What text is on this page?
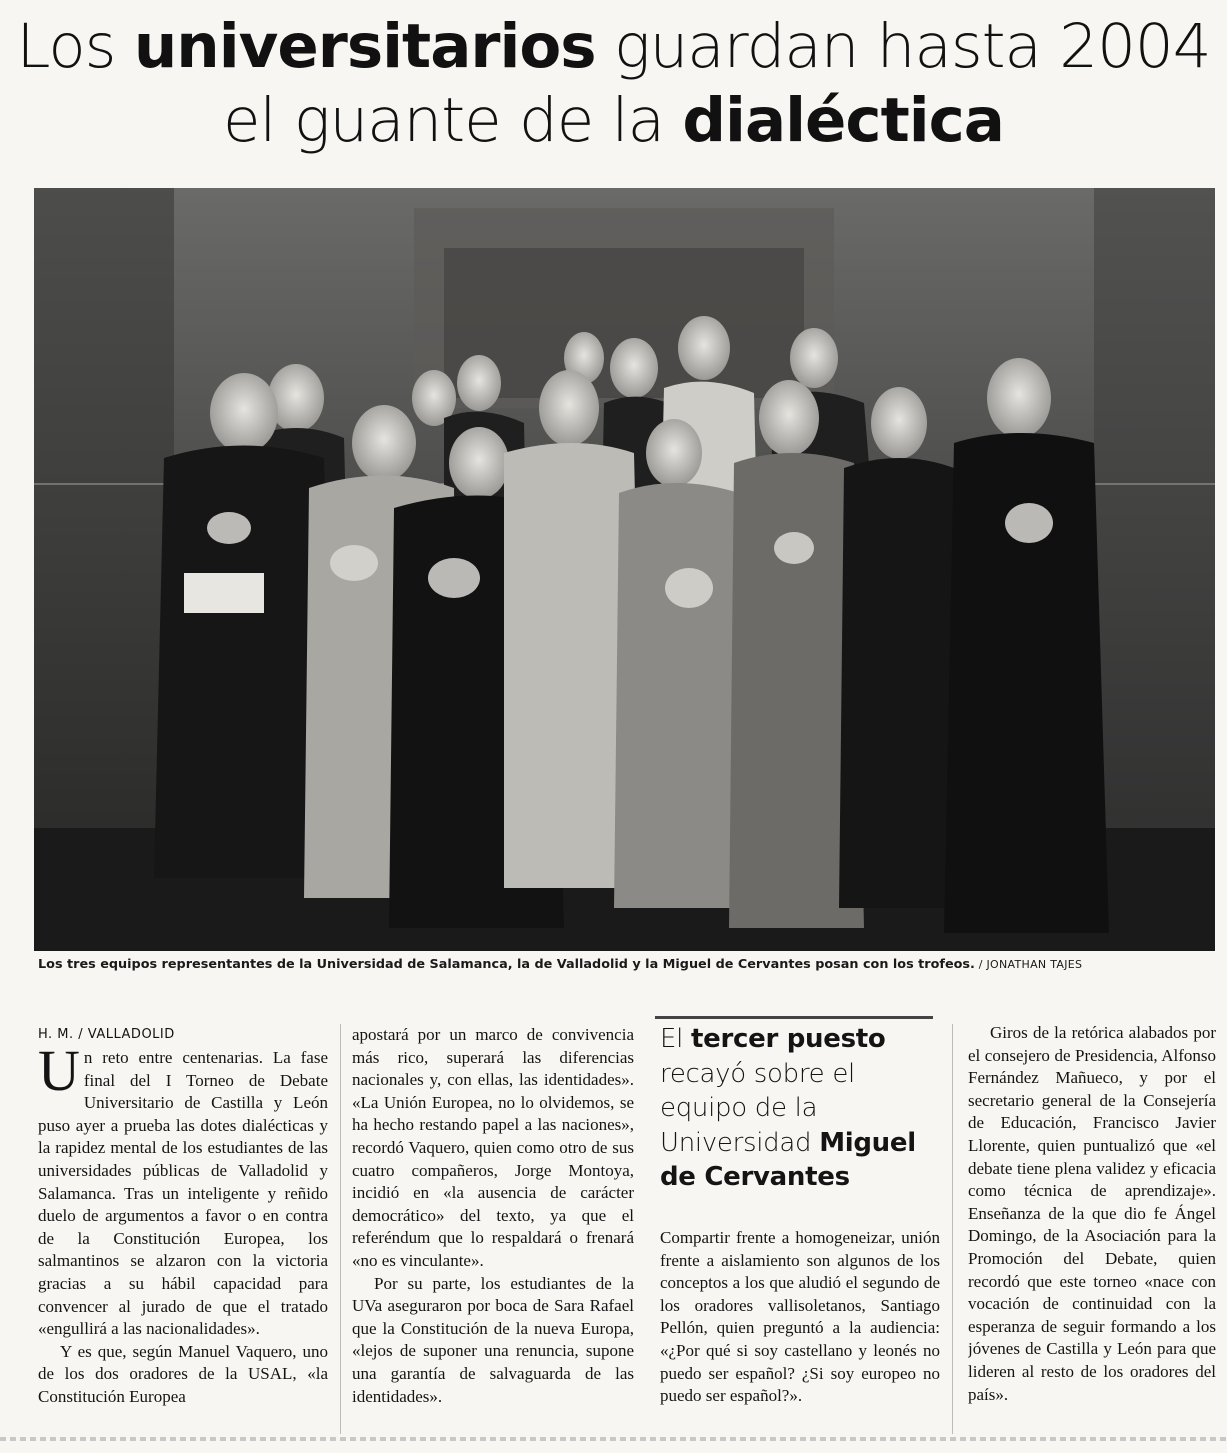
Los universitarios guardan hasta 2004 el guante de la dialéctica
Los tres equipos representantes de la Universidad de Salamanca, la de Valladolid y la Miguel de Cervantes posan con los trofeos. / JONATHAN TAJES
H. M. / VALLADOLID

Un reto entre centenarias. La fase final del I Torneo de Debate Universitario de Castilla y León puso ayer a prueba las dotes dialécticas y la rapidez mental de los estudiantes de las universidades públicas de Valladolid y Salamanca. Tras un inteligente y reñido duelo de argumentos a favor o en contra de la Constitución Europea, los salmantinos se alzaron con la victoria gracias a su hábil capacidad para convencer al jurado de que el tratado «engullirá a las nacionalidades».

Y es que, según Manuel Vaquero, uno de los dos oradores de la USAL, «la Constitución Europea

apostará por un marco de convivencia más rico, superará las diferencias nacionales y, con ellas, las identidades». «La Unión Europea, no lo olvidemos, se ha hecho restando papel a las naciones», recordó Vaquero, quien como otro de sus cuatro compañeros, Jorge Montoya, incidió en «la ausencia de carácter democrático» del texto, ya que el referéndum que lo respaldará o frenará «no es vinculante».

Por su parte, los estudiantes de la UVa aseguraron por boca de Sara Rafael que la Constitución de la nueva Europa, «lejos de suponer una renuncia, supone una garantía de salvaguarda de las identidades».

El tercer puesto recayó sobre el equipo de la Universidad Miguel de Cervantes

Compartir frente a homogeneizar, unión frente a aislamiento son algunos de los conceptos a los que aludió el segundo de los oradores vallisoletanos, Santiago Pellón, quien preguntó a la audiencia: «¿Por qué si soy castellano y leonés no puedo ser español? ¿Si soy europeo no puedo ser español?».

Giros de la retórica alabados por el consejero de Presidencia, Alfonso Fernández Mañueco, y por el secretario general de la Consejería de Educación, Francisco Javier Llorente, quien puntualizó que «el debate tiene plena validez y eficacia como técnica de aprendizaje». Enseñanza de la que dio fe Ángel Domingo, de la Asociación para la Promoción del Debate, quien recordó que este torneo «nace con vocación de continuidad con la esperanza de seguir formando a los jóvenes de Castilla y León para que lideren al resto de los oradores del país».
